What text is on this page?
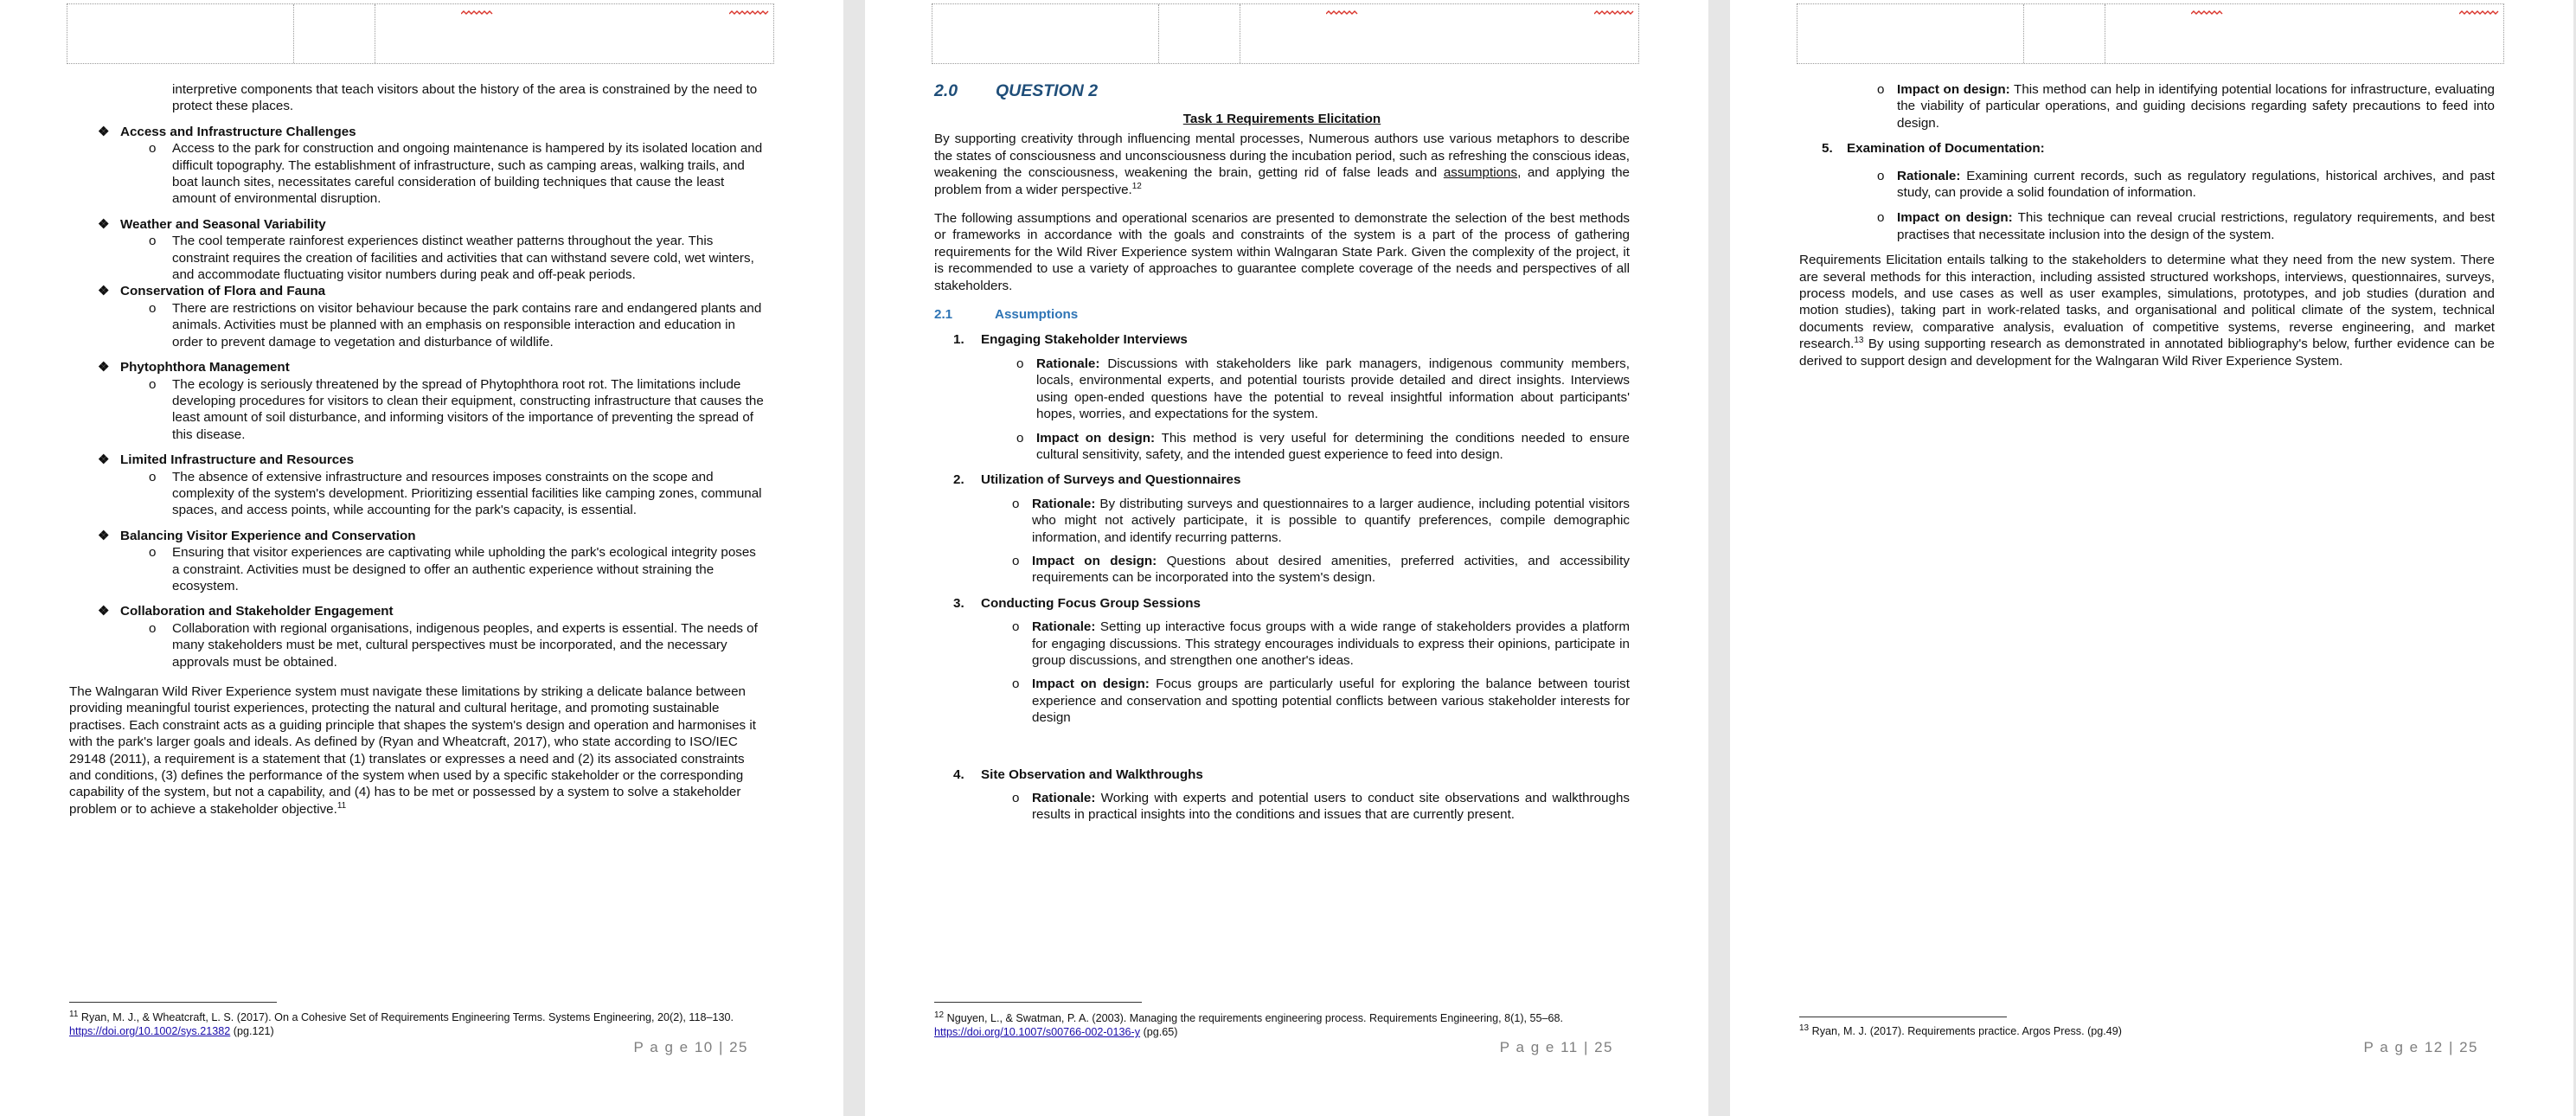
interpretive components that teach visitors about the history of the area is constrained by the need to protect these places.

❖ Access and Infrastructure Challenges
o Access to the park for construction and ongoing maintenance is hampered by its isolated location and difficult topography. The establishment of infrastructure, such as camping areas, walking trails, and boat launch sites, necessitates careful consideration of building techniques that cause the least amount of environmental disruption.
❖ Weather and Seasonal Variability
o The cool temperate rainforest experiences distinct weather patterns throughout the year. This constraint requires the creation of facilities and activities that can withstand severe cold, wet winters, and accommodate fluctuating visitor numbers during peak and off-peak periods.
❖ Conservation of Flora and Fauna
o There are restrictions on visitor behaviour because the park contains rare and endangered plants and animals. Activities must be planned with an emphasis on responsible interaction and education in order to prevent damage to vegetation and disturbance of wildlife.
❖ Phytophthora Management
o The ecology is seriously threatened by the spread of Phytophthora root rot. The limitations include developing procedures for visitors to clean their equipment, constructing infrastructure that causes the least amount of soil disturbance, and informing visitors of the importance of preventing the spread of this disease.
❖ Limited Infrastructure and Resources
o The absence of extensive infrastructure and resources imposes constraints on the scope and complexity of the system's development. Prioritizing essential facilities like camping zones, communal spaces, and access points, while accounting for the park's capacity, is essential.
❖ Balancing Visitor Experience and Conservation
o Ensuring that visitor experiences are captivating while upholding the park's ecological integrity poses a constraint. Activities must be designed to offer an authentic experience without straining the ecosystem.
❖ Collaboration and Stakeholder Engagement
o Collaboration with regional organisations, indigenous peoples, and experts is essential. The needs of many stakeholders must be met, cultural perspectives must be incorporated, and the necessary approvals must be obtained.

The Walngaran Wild River Experience system must navigate these limitations by striking a delicate balance between providing meaningful tourist experiences, protecting the natural and cultural heritage, and promoting sustainable practises. Each constraint acts as a guiding principle that shapes the system's design and operation and harmonises it with the park's larger goals and ideals. As defined by (Ryan and Wheatcraft, 2017), who state according to ISO/IEC 29148 (2011), a requirement is a statement that (1) translates or expresses a need and (2) its associated constraints and conditions, (3) defines the performance of the system when used by a specific stakeholder or the corresponding capability of the system, but not a capability, and (4) has to be met or possessed by a system to solve a stakeholder problem or to achieve a stakeholder objective.$^{11}$

$^{11}$ Ryan, M. J., & Wheatcraft, L. S. (2017). On a Cohesive Set of Requirements Engineering Terms. Systems Engineering, 20(2), 118–130. https://doi.org/10.1002/sys.21382 (pg.121)
P a g e 10 | 25
2.0 QUESTION 2
Task 1 Requirements Elicitation

By supporting creativity through influencing mental processes, Numerous authors use various metaphors to describe the states of consciousness and unconsciousness during the incubation period, such as refreshing the conscious ideas, weakening the consciousness, weakening the brain, getting rid of false leads and assumptions, and applying the problem from a wider perspective.$^{12}$

The following assumptions and operational scenarios are presented to demonstrate the selection of the best methods or frameworks in accordance with the goals and constraints of the system is a part of the process of gathering requirements for the Wild River Experience system within Walngaran State Park. Given the complexity of the project, it is recommended to use a variety of approaches to guarantee complete coverage of the needs and perspectives of all stakeholders.

2.1	Assumptions
1. Engaging Stakeholder Interviews
o Rationale: Discussions with stakeholders like park managers, indigenous community members, locals, environmental experts, and potential tourists provide detailed and direct insights. Interviews using open-ended questions have the potential to reveal insightful information about participants' hopes, worries, and expectations for the system.
o Impact on design: This method is very useful for determining the conditions needed to ensure cultural sensitivity, safety, and the intended guest experience to feed into design.
2. Utilization of Surveys and Questionnaires
o Rationale: By distributing surveys and questionnaires to a larger audience, including potential visitors who might not actively participate, it is possible to quantify preferences, compile demographic information, and identify recurring patterns.
o Impact on design: Questions about desired amenities, preferred activities, and accessibility requirements can be incorporated into the system's design.
3. Conducting Focus Group Sessions
o Rationale: Setting up interactive focus groups with a wide range of stakeholders provides a platform for engaging discussions. This strategy encourages individuals to express their opinions, participate in group discussions, and strengthen one another's ideas.
o Impact on design: Focus groups are particularly useful for exploring the balance between tourist experience and conservation and spotting potential conflicts between various stakeholder interests for design
4. Site Observation and Walkthroughs
o Rationale: Working with experts and potential users to conduct site observations and walkthroughs results in practical insights into the conditions and issues that are currently present.
$^{12}$ Nguyen, L., & Swatman, P. A. (2003). Managing the requirements engineering process. Requirements Engineering, 8(1), 55–68.
https://doi.org/10.1007/s00766-002-0136-y (pg.65)
P a g e 11 | 25
o Impact on design: This method can help in identifying potential locations for infrastructure, evaluating the viability of particular operations, and guiding decisions regarding safety precautions to feed into design.
5. Examination of Documentation:
o Rationale: Examining current records, such as regulatory regulations, historical archives, and past study, can provide a solid foundation of information.
o Impact on design: This technique can reveal crucial restrictions, regulatory requirements, and best practises that necessitate inclusion into the design of the system.

Requirements Elicitation entails talking to the stakeholders to determine what they need from the new system. There are several methods for this interaction, including assisted structured workshops, interviews, questionnaires, surveys, process models, and use cases as well as user examples, simulations, prototypes, and job studies (duration and motion studies), taking part in work-related tasks, and organisational and political climate of the system, technical documents review, comparative analysis, evaluation of competitive systems, reverse engineering, and market research.$^{13}$ By using supporting research as demonstrated in annotated bibliography's below, further evidence can be derived to support design and development for the Walngaran Wild River Experience System.

$^{13}$ Ryan, M. J. (2017). Requirements practice. Argos Press. (pg.49)
P a g e 12 | 25
